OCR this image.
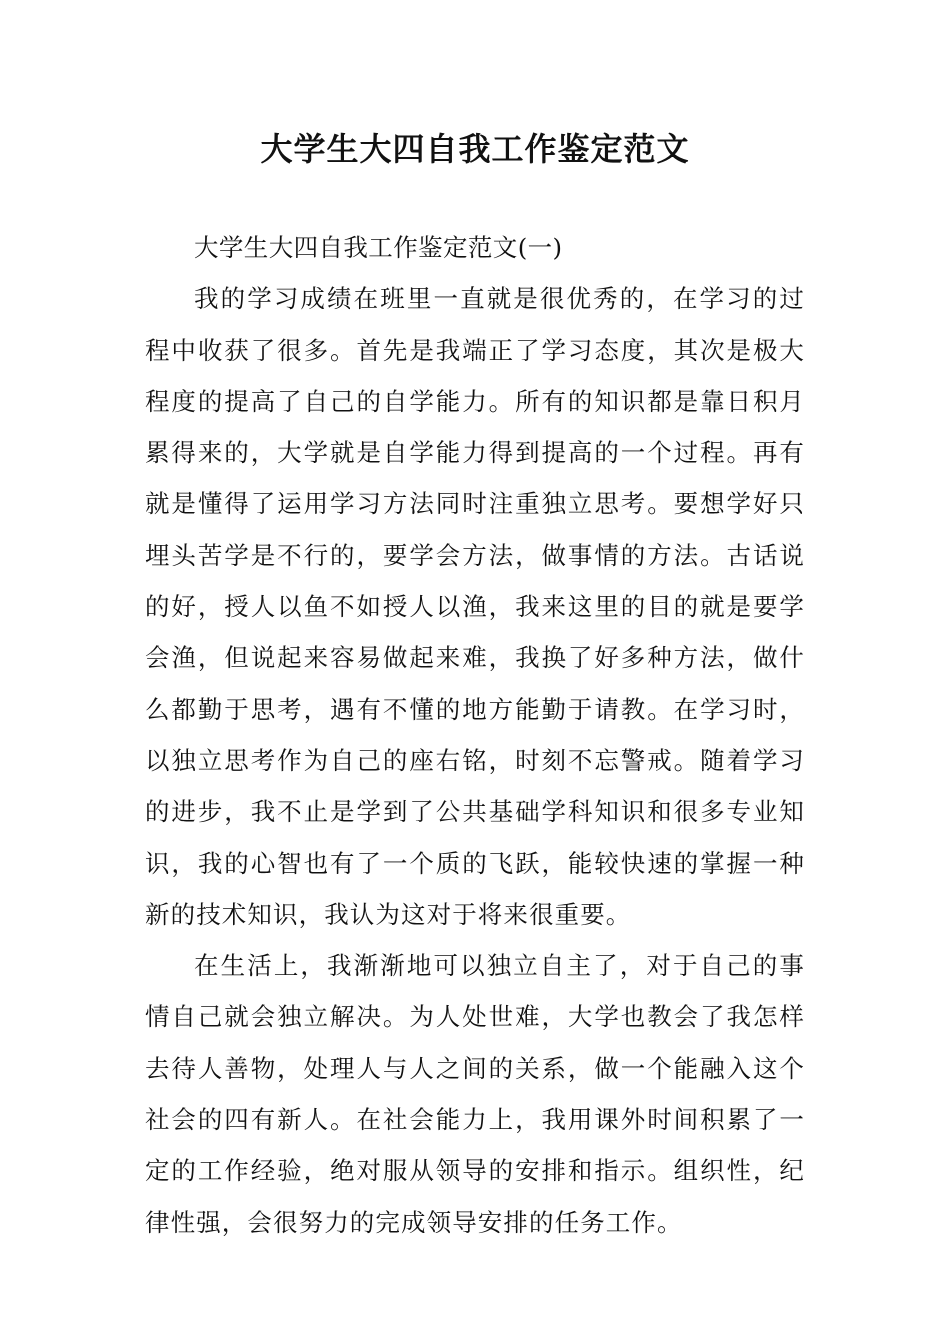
大学生大四自我工作鉴定范文

大学生大四自我工作鉴定范文(一)

我的学习成绩在班里一直就是很优秀的，在学习的过程中收获了很多。首先是我端正了学习态度，其次是极大程度的提高了自己的自学能力。所有的知识都是靠日积月累得来的，大学就是自学能力得到提高的一个过程。再有就是懂得了运用学习方法同时注重独立思考。要想学好只埋头苦学是不行的，要学会方法，做事情的方法。古话说的好，授人以鱼不如授人以渔，我来这里的目的就是要学会渔，但说起来容易做起来难，我换了好多种方法，做什么都勤于思考，遇有不懂的地方能勤于请教。在学习时，以独立思考作为自己的座右铭，时刻不忘警戒。随着学习的进步，我不止是学到了公共基础学科知识和很多专业知识，我的心智也有了一个质的飞跃，能较快速的掌握一种新的技术知识，我认为这对于将来很重要。

在生活上，我渐渐地可以独立自主了，对于自己的事情自己就会独立解决。为人处世难，大学也教会了我怎样去待人善物，处理人与人之间的关系，做一个能融入这个社会的四有新人。在社会能力上，我用课外时间积累了一定的工作经验，绝对服从领导的安排和指示。组织性，纪律性强，会很努力的完成领导安排的任务工作。
